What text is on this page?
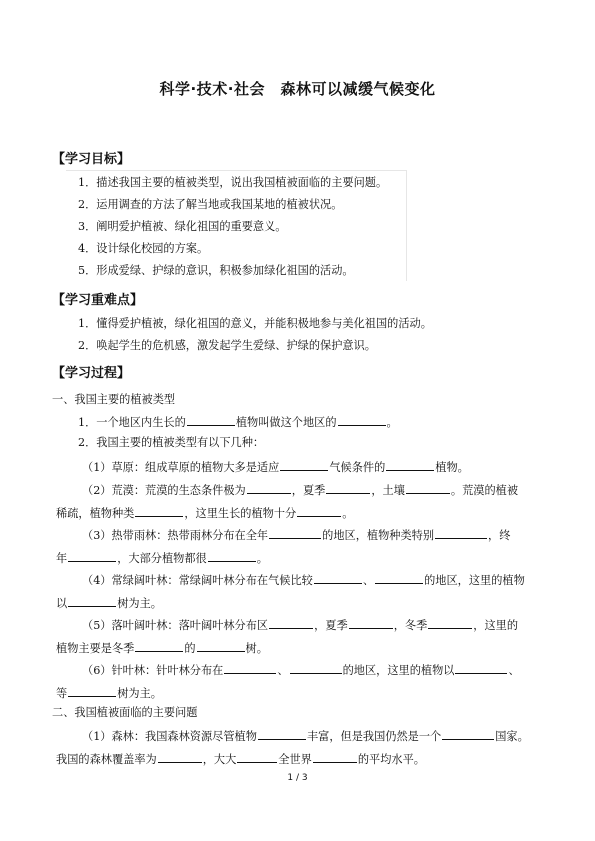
科学·技术·社会　森林可以减缓气候变化
【学习目标】
1．描述我国主要的植被类型，说出我国植被面临的主要问题。
2．运用调查的方法了解当地或我国某地的植被状况。
3．阐明爱护植被、绿化祖国的重要意义。
4．设计绿化校园的方案。
5．形成爱绿、护绿的意识，积极参加绿化祖国的活动。
【学习重难点】
1．懂得爱护植被，绿化祖国的意义，并能积极地参与美化祖国的活动。
2．唤起学生的危机感，激发起学生爱绿、护绿的保护意识。
【学习过程】
一、我国主要的植被类型
1．一个地区内生长的	植物叫做这个地区的	。
2．我国主要的植被类型有以下几种：
（1）草原：组成草原的植物大多是适应	气候条件的	植物。
（2）荒漠：荒漠的生态条件极为	，夏季	，土壤	。荒漠的植被
稀疏，植物种类	，这里生长的植物十分	。
（3）热带雨林：热带雨林分布在全年	的地区，植物种类特别	，终
年	，大部分植物都很	。
（4）常绿阔叶林：常绿阔叶林分布在气候比较	、	的地区，这里的植物
以	树为主。
（5）落叶阔叶林：落叶阔叶林分布区	，夏季	，冬季	，这里的
植物主要是冬季	的	树。
（6）针叶林：针叶林分布在	、	的地区，这里的植物以	、
等	树为主。
二、我国植被面临的主要问题
（1）森林：我国森林资源尽管植物	丰富，但是我国仍然是一个	国家。
我国的森林覆盖率为	，大大	全世界	的平均水平。
1 / 3
